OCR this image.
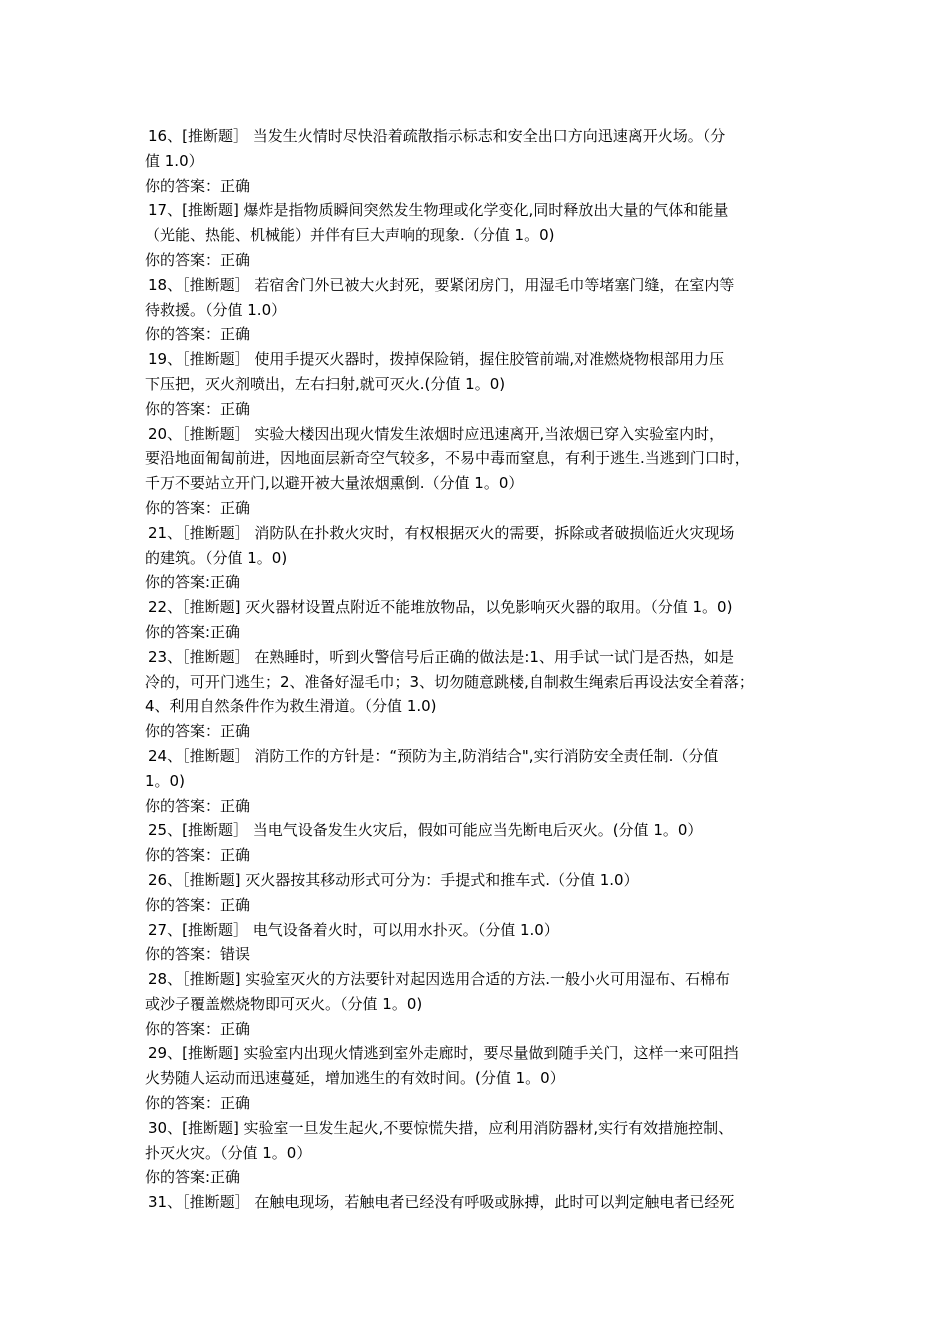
16、[推断题］ 当发生火情时尽快沿着疏散指示标志和安全出口方向迅速离开火场。（分
值 1.0）
你的答案：正确
17、[推断题] 爆炸是指物质瞬间突然发生物理或化学变化,同时释放出大量的气体和能量
（光能、热能、机械能）并伴有巨大声响的现象.（分值 1。0)
你的答案：正确
18、［推断题］ 若宿舍门外已被大火封死，要紧闭房门，用湿毛巾等堵塞门缝，在室内等
待救援。（分值 1.0）
你的答案：正确
19、［推断题］ 使用手提灭火器时，拨掉保险销，握住胶管前端,对准燃烧物根部用力压
下压把，灭火剂喷出，左右扫射,就可灭火.(分值 1。0)
你的答案：正确
20、［推断题］ 实验大楼因出现火情发生浓烟时应迅速离开,当浓烟已穿入实验室内时，
要沿地面匍匐前进，因地面层新奇空气较多，不易中毒而窒息，有利于逃生.当逃到门口时，
千万不要站立开门,以避开被大量浓烟熏倒.（分值 1。0）
你的答案：正确
21、［推断题］ 消防队在扑救火灾时，有权根据灭火的需要，拆除或者破损临近火灾现场
的建筑。（分值 1。0)
你的答案:正确
22、［推断题] 灭火器材设置点附近不能堆放物品，以免影响灭火器的取用。（分值 1。0)
你的答案:正确
23、［推断题］ 在熟睡时，听到火警信号后正确的做法是:1、用手试一试门是否热，如是
冷的，可开门逃生；2、准备好湿毛巾；3、切勿随意跳楼,自制救生绳索后再设法安全着落；
4、利用自然条件作为救生滑道。（分值 1.0)
你的答案：正确
24、［推断题］ 消防工作的方针是：“预防为主,防消结合",实行消防安全责任制.（分值
1。0)
你的答案：正确
25、[推断题］ 当电气设备发生火灾后，假如可能应当先断电后灭火。(分值 1。0）
你的答案：正确
26、［推断题] 灭火器按其移动形式可分为：手提式和推车式.（分值 1.0）
你的答案：正确
27、[推断题］ 电气设备着火时，可以用水扑灭。（分值 1.0）
你的答案：错误
28、［推断题] 实验室灭火的方法要针对起因选用合适的方法.一般小火可用湿布、石棉布
或沙子覆盖燃烧物即可灭火。（分值 1。0)
你的答案：正确
29、[推断题] 实验室内出现火情逃到室外走廊时，要尽量做到随手关门，这样一来可阻挡
火势随人运动而迅速蔓延，增加逃生的有效时间。(分值 1。0）
你的答案：正确
30、[推断题] 实验室一旦发生起火,不要惊慌失措，应利用消防器材,实行有效措施控制、
扑灭火灾。（分值 1。0）
你的答案:正确
31、［推断题］ 在触电现场，若触电者已经没有呼吸或脉搏，此时可以判定触电者已经死
